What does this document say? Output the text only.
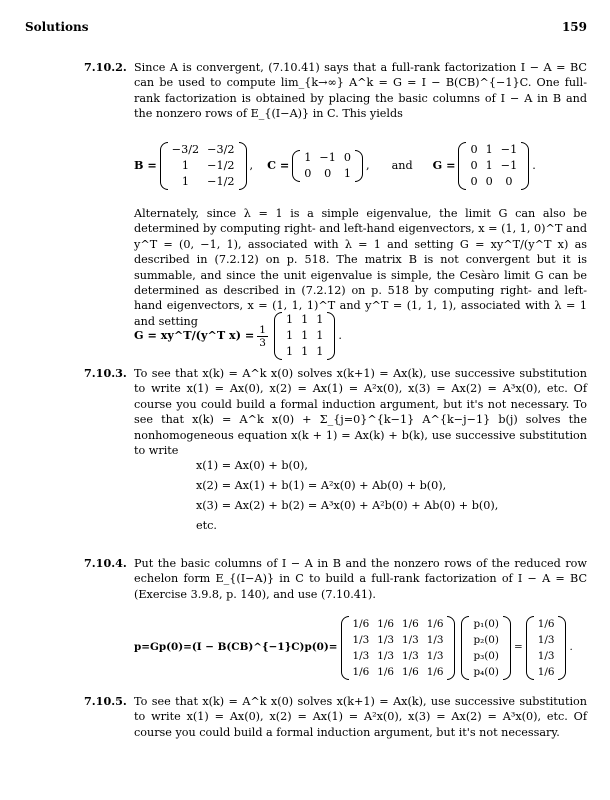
Solutions	159
7.10.2. Since A is convergent, (7.10.41) says that a full-rank factorization I − A = BC can be used to compute lim_{k→∞} A^k = G = I − B(CB)^{−1}C. One full-rank factorization is obtained by placing the basic columns of I − A in B and the nonzero rows of E_{(I−A)} in C. This yields

B =
−3/2	−3/2
1	−1/2
1	−1/2
, C =
1	−1	0
0	0	1
, and G =
0	1	−1
0	1	−1
0	0	0
.

Alternately, since λ = 1 is a simple eigenvalue, the limit G can also be determined by computing right- and left-hand eigenvectors, x = (1, 1, 0)^T and y^T = (0, −1, 1), associated with λ = 1 and setting G = xy^T/(y^T x) as described in (7.2.12) on p. 518. The matrix B is not convergent but it is summable, and since the unit eigenvalue is simple, the Cesàro limit G can be determined as described in (7.2.12) on p. 518 by computing right- and left-hand eigenvectors, x = (1, 1, 1)^T and y^T = (1, 1, 1), associated with λ = 1 and setting

G = xy^T/(y^T $x) = \frac{1}{3}$
1	1	1
1	1	1
1	1	1
.
7.10.3. To see that x(k) = A^k x(0) solves x(k+1) = Ax(k), use successive substitution to write x(1) = Ax(0), x(2) = Ax(1) = A²x(0), x(3) = Ax(2) = A³x(0), etc. Of course you could build a formal induction argument, but it's not necessary. To see that x(k) = A^k x(0) + Σ_{j=0}^{k−1} A^{k−j−1} b(j) solves the nonhomogeneous equation x(k + 1) = Ax(k) + b(k), use successive substitution to write

x(1) = Ax(0) + b(0),
x(2) = Ax(1) + b(1) = A²x(0) + Ab(0) + b(0),
x(3) = Ax(2) + b(2) = A³x(0) + A²b(0) + Ab(0) + b(0),
etc.
7.10.4. Put the basic columns of I − A in B and the nonzero rows of the reduced row echelon form E_{(I−A)} in C to build a full-rank factorization of I − A = BC (Exercise 3.9.8, p. 140), and use (7.10.41).

p=Gp(0)=(I − B(CB)^{−1}C)p(0)=
1/6	1/6	1/6	1/6
1/3	1/3	1/3	1/3
1/3	1/3	1/3	1/3
1/6	1/6	1/6	1/6
p₁(0)
p₂(0)
p₃(0)
p₄(0)
=
1/6
1/3
1/3
1/6
.
7.10.5. To see that x(k) = A^k x(0) solves x(k+1) = Ax(k), use successive substitution to write x(1) = Ax(0), x(2) = Ax(1) = A²x(0), x(3) = Ax(2) = A³x(0), etc. Of course you could build a formal induction argument, but it's not necessary.
